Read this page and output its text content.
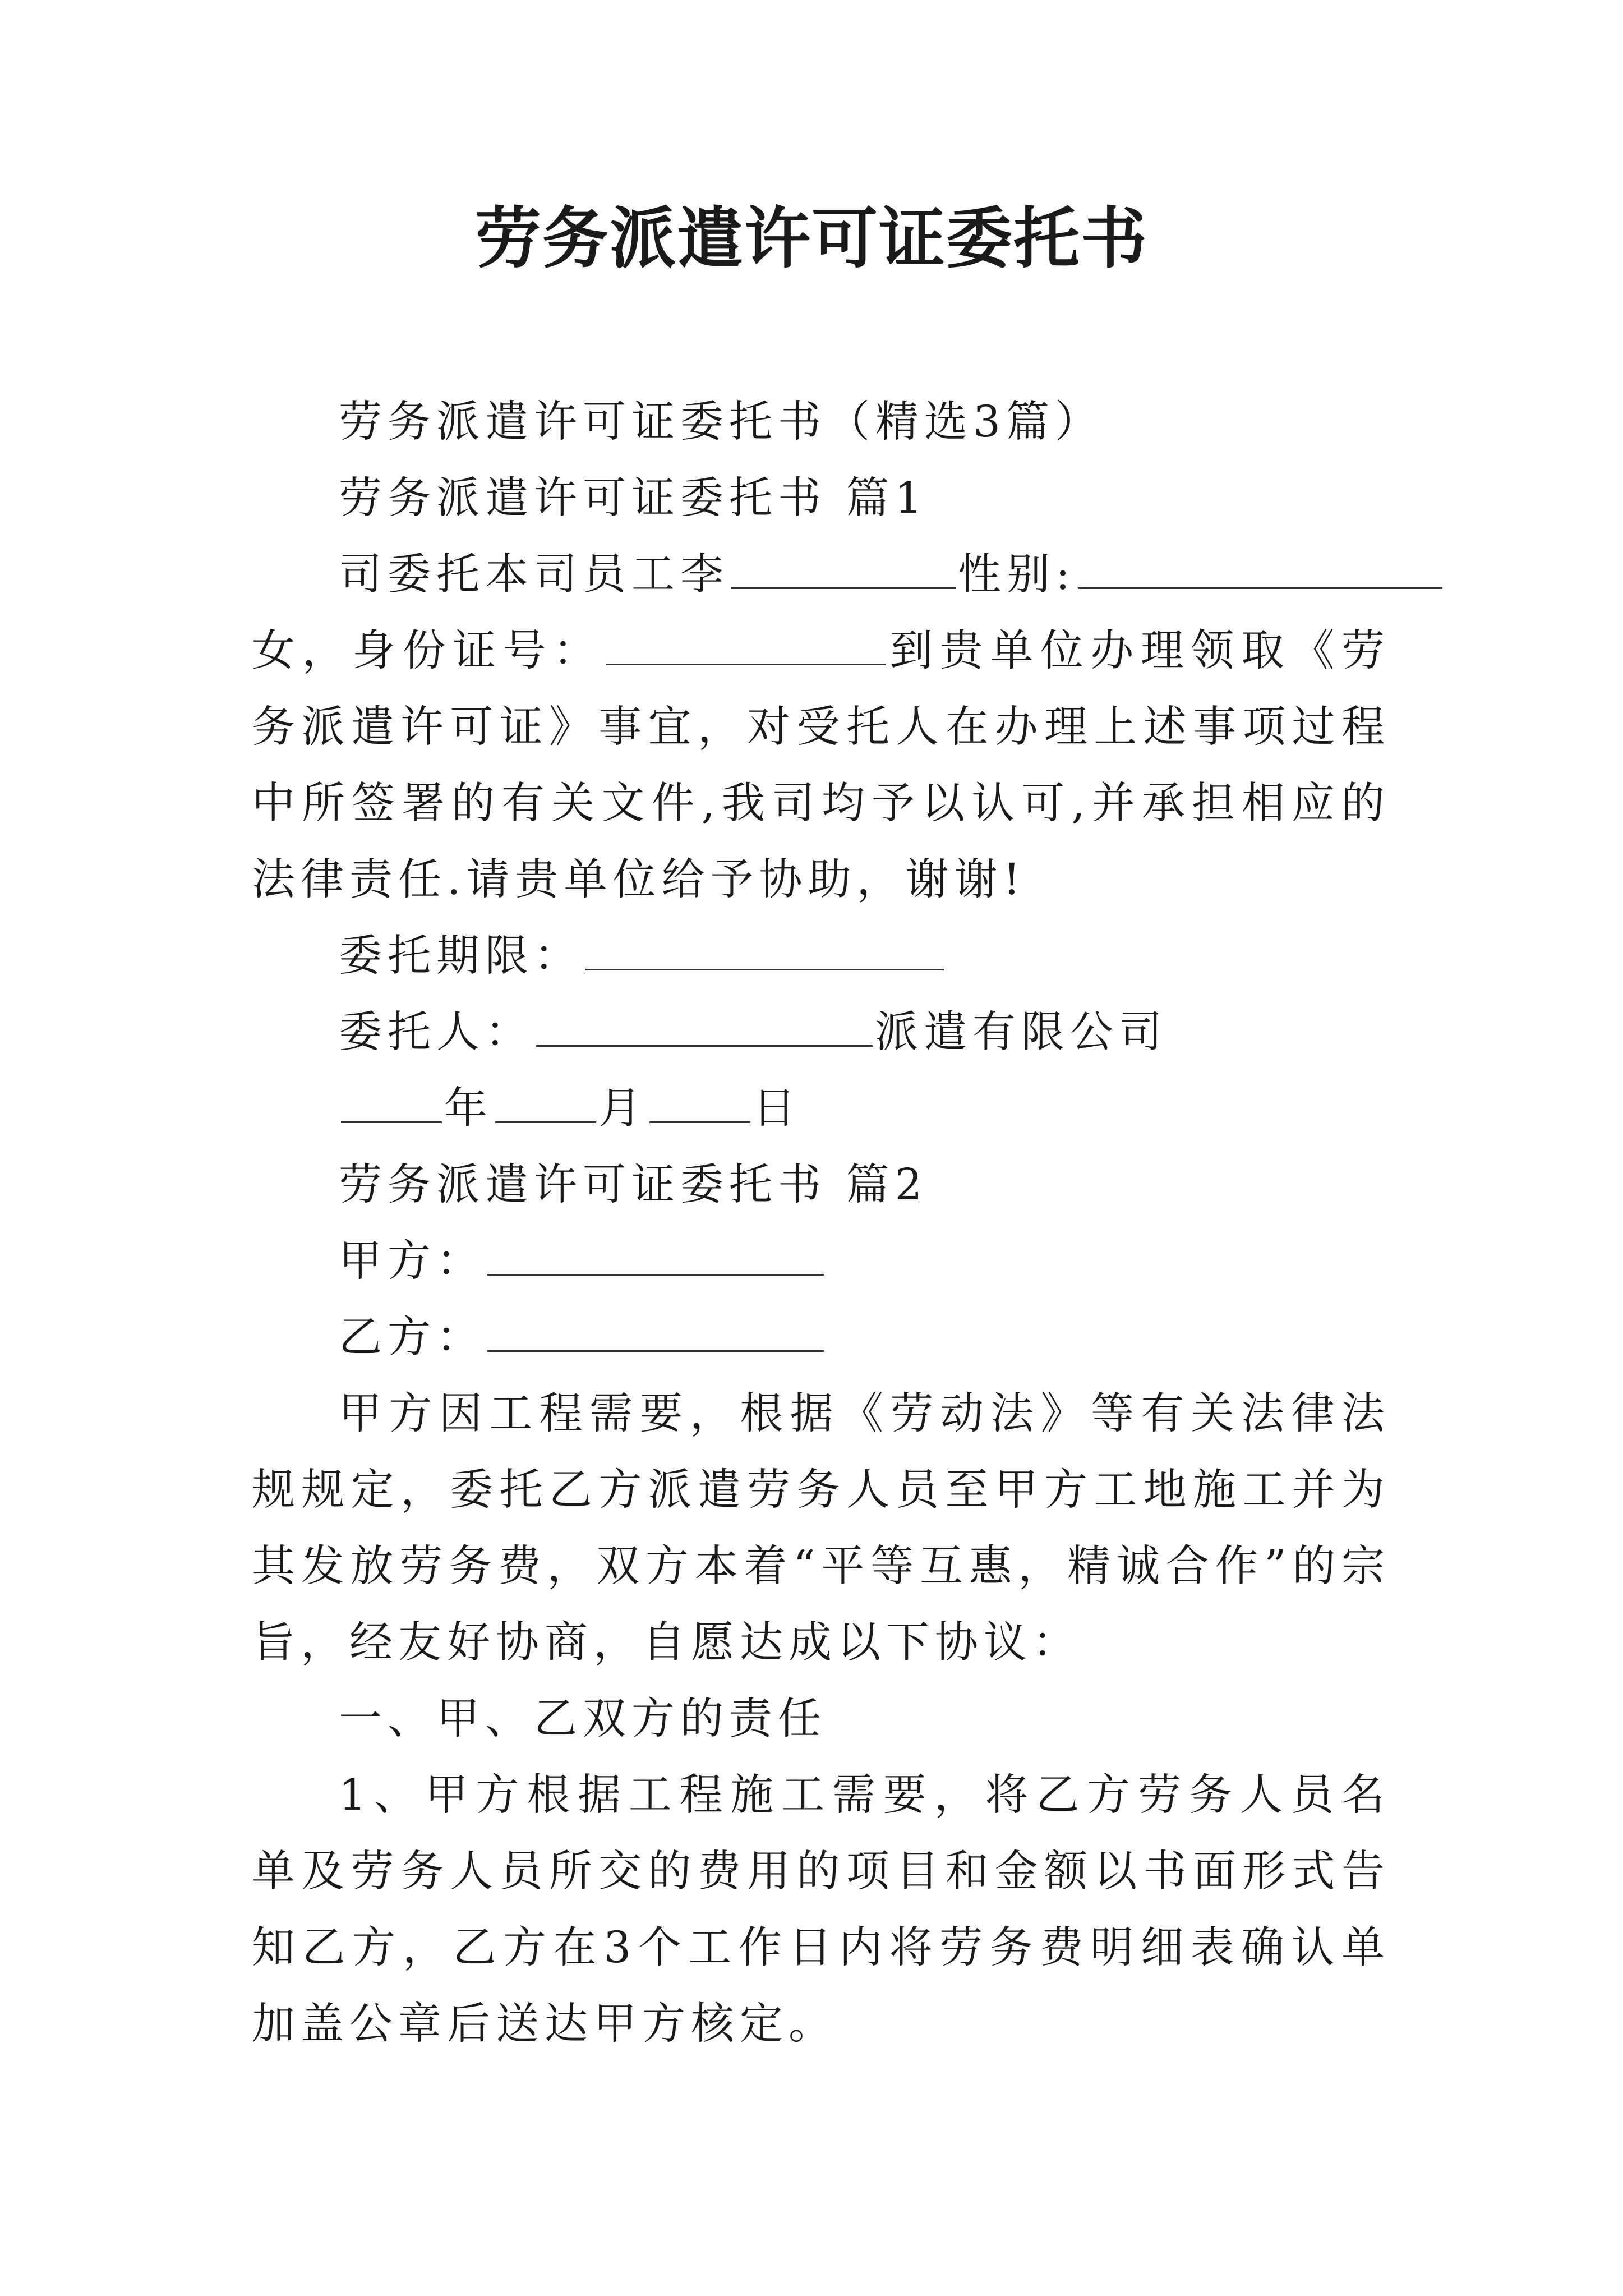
劳务派遣许可证委托书

劳务派遣许可证委托书（精选3篇）

劳务派遣许可证委托书 篇1

司委托本司员工李	性别:

女，身份证号：	到贵单位办理领取《劳务派遣许可证》事宜，对受托人在办理上述事项过程中所签署的有关文件,我司均予以认可,并承担相应的法律责任.请贵单位给予协助，谢谢!

委托期限：

委托人：	派遣有限公司

年 月 日

劳务派遣许可证委托书 篇2

甲方：

乙方：

甲方因工程需要，根据《劳动法》等有关法律法规规定，委托乙方派遣劳务人员至甲方工地施工并为其发放劳务费，双方本着“平等互惠，精诚合作”的宗旨，经友好协商，自愿达成以下协议：

一、甲、乙双方的责任

1、甲方根据工程施工需要，将乙方劳务人员名单及劳务人员所交的费用的项目和金额以书面形式告知乙方，乙方在3个工作日内将劳务费明细表确认单加盖公章后送达甲方核定。
